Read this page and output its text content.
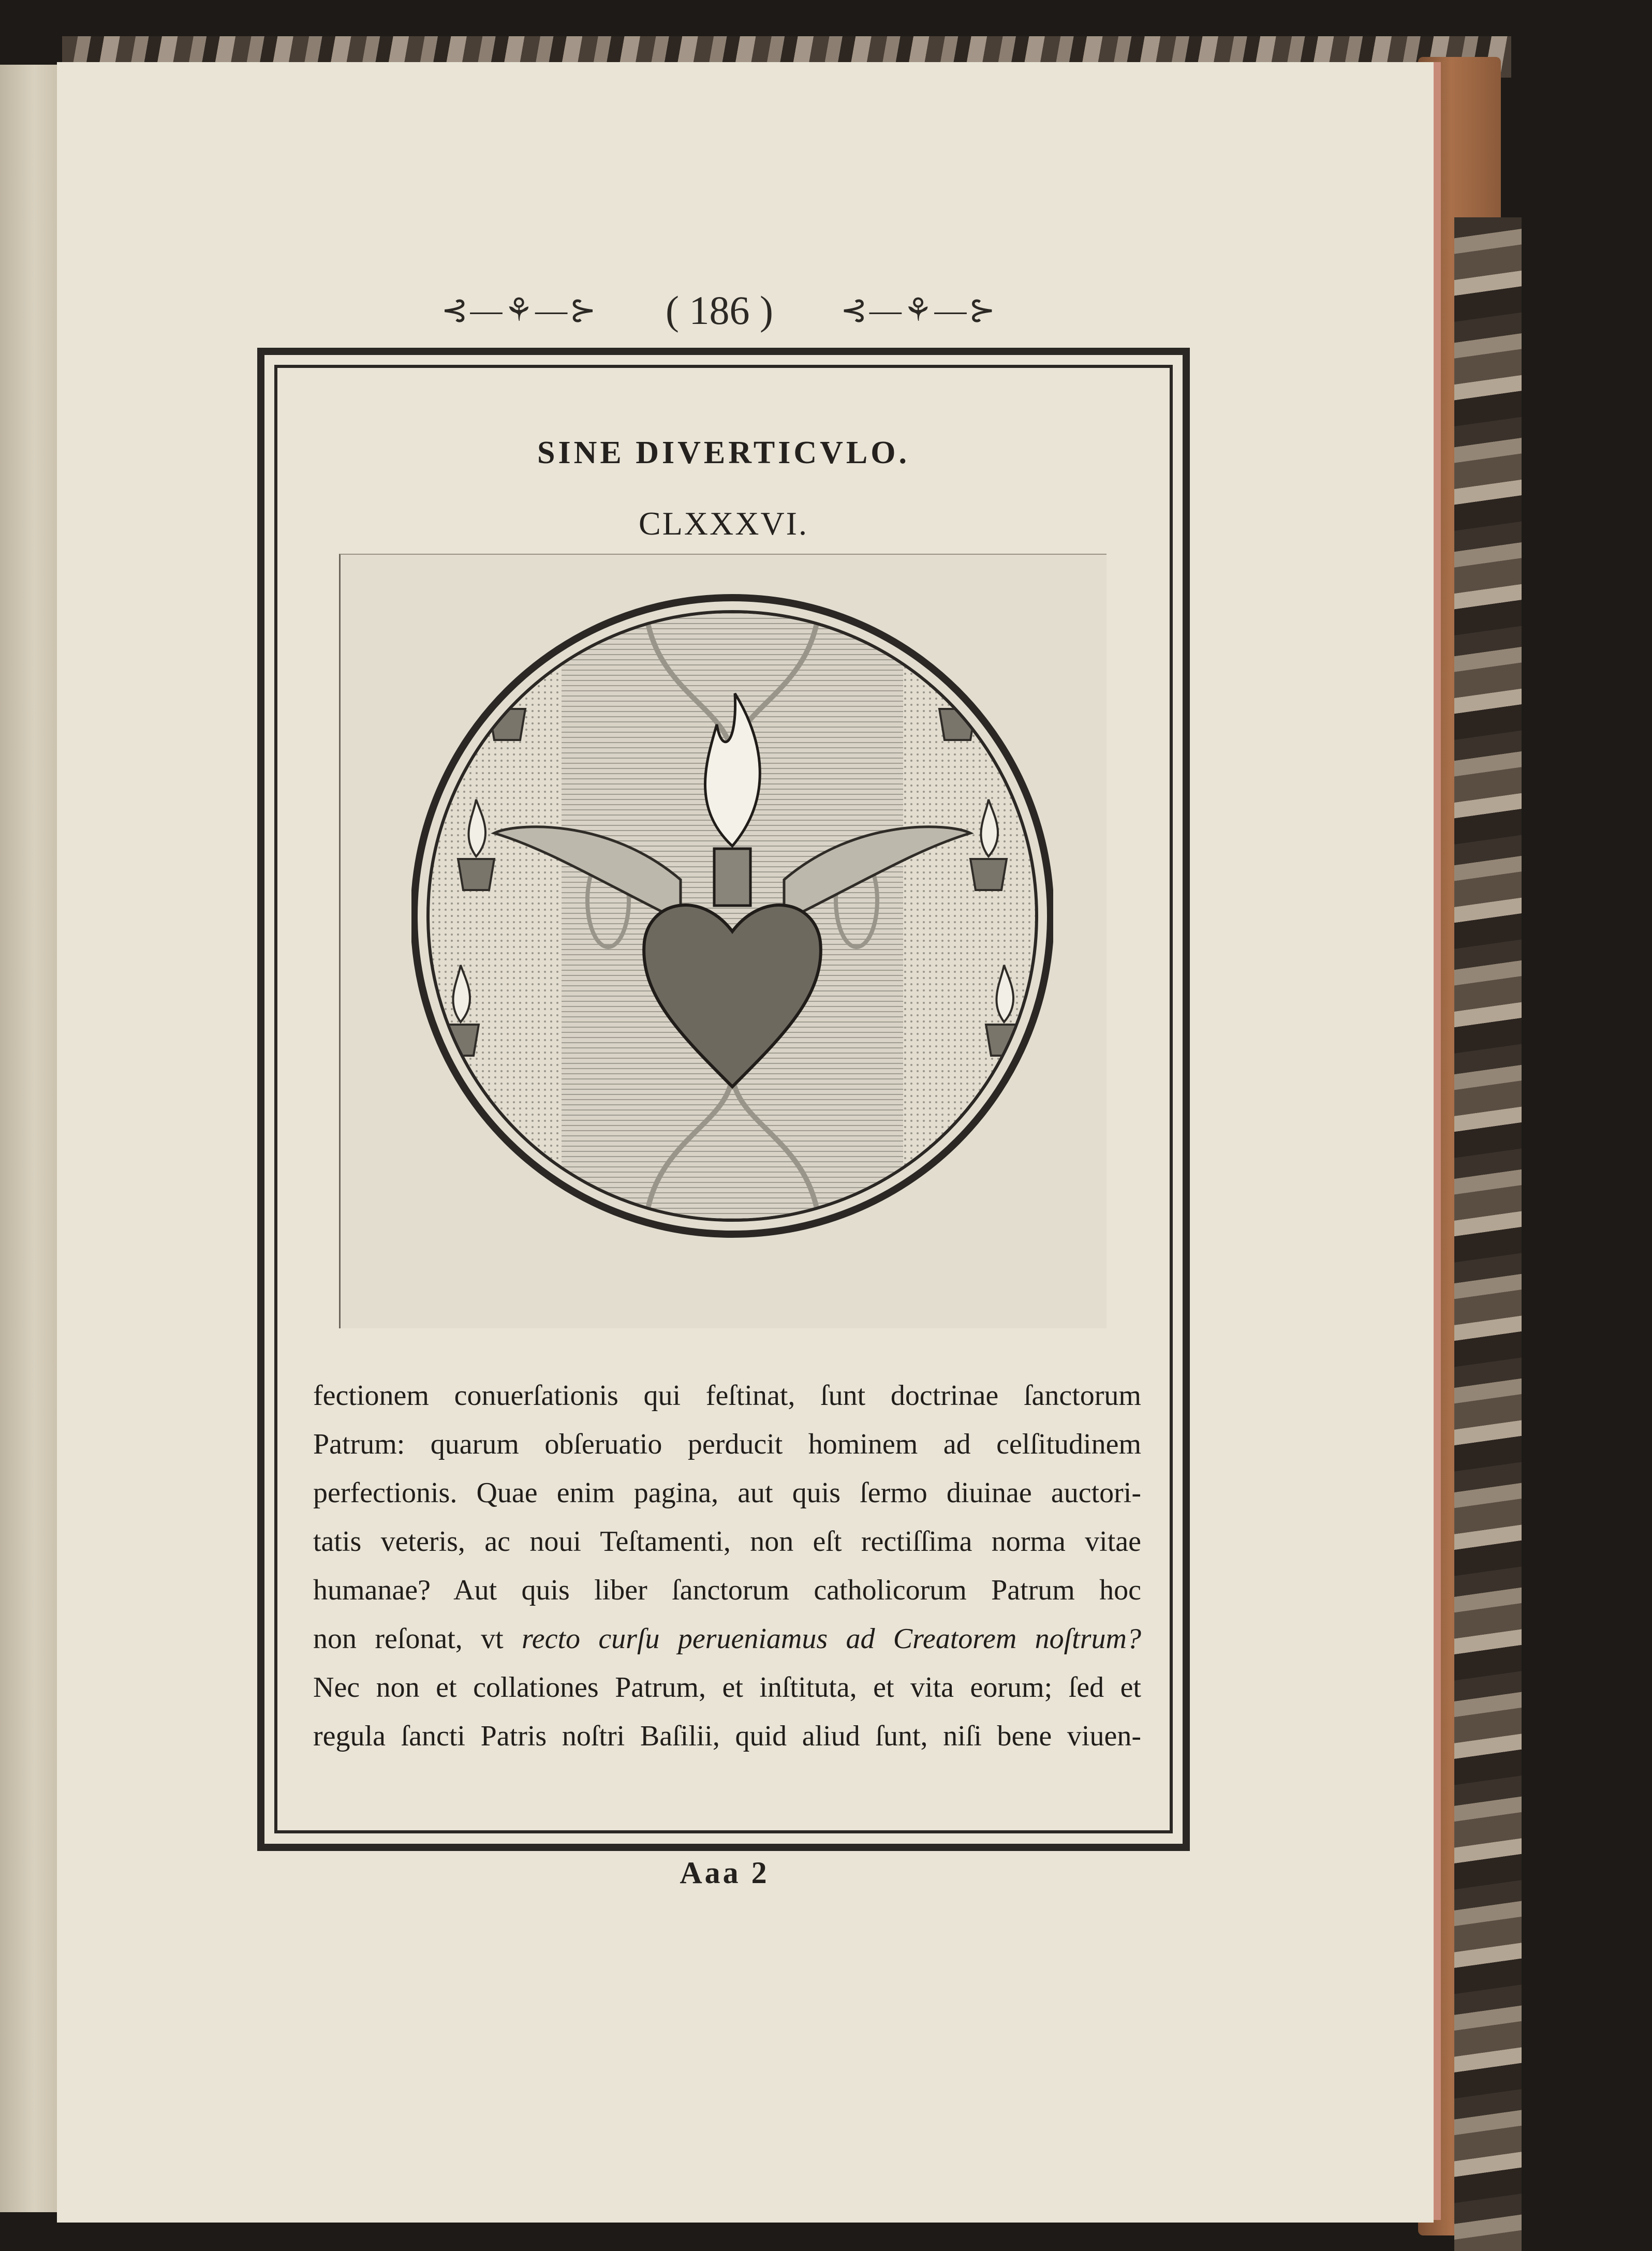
⊰—⚘—⊱ ( 186 ) ⊰—⚘—⊱
SINE DIVERTICVLO.
CLXXXVI.
fectionem conuerſationis qui feſtinat, ſunt doctrinae ſanctorum
Patrum: quarum obſeruatio perducit hominem ad celſitudinem
perfectionis. Quae enim pagina, aut quis ſermo diuinae auctori-
tatis veteris, ac noui Teſtamenti, non eſt rectiſſima norma vitae
humanae? Aut quis liber ſanctorum catholicorum Patrum hoc
non reſonat, vt recto curſu perueniamus ad Creatorem noſtrum?
Nec non et collationes Patrum, et inſtituta, et vita eorum; ſed et
regula ſancti Patris noſtri Baſilii, quid aliud ſunt, niſi bene viuen-
Aaa 2
